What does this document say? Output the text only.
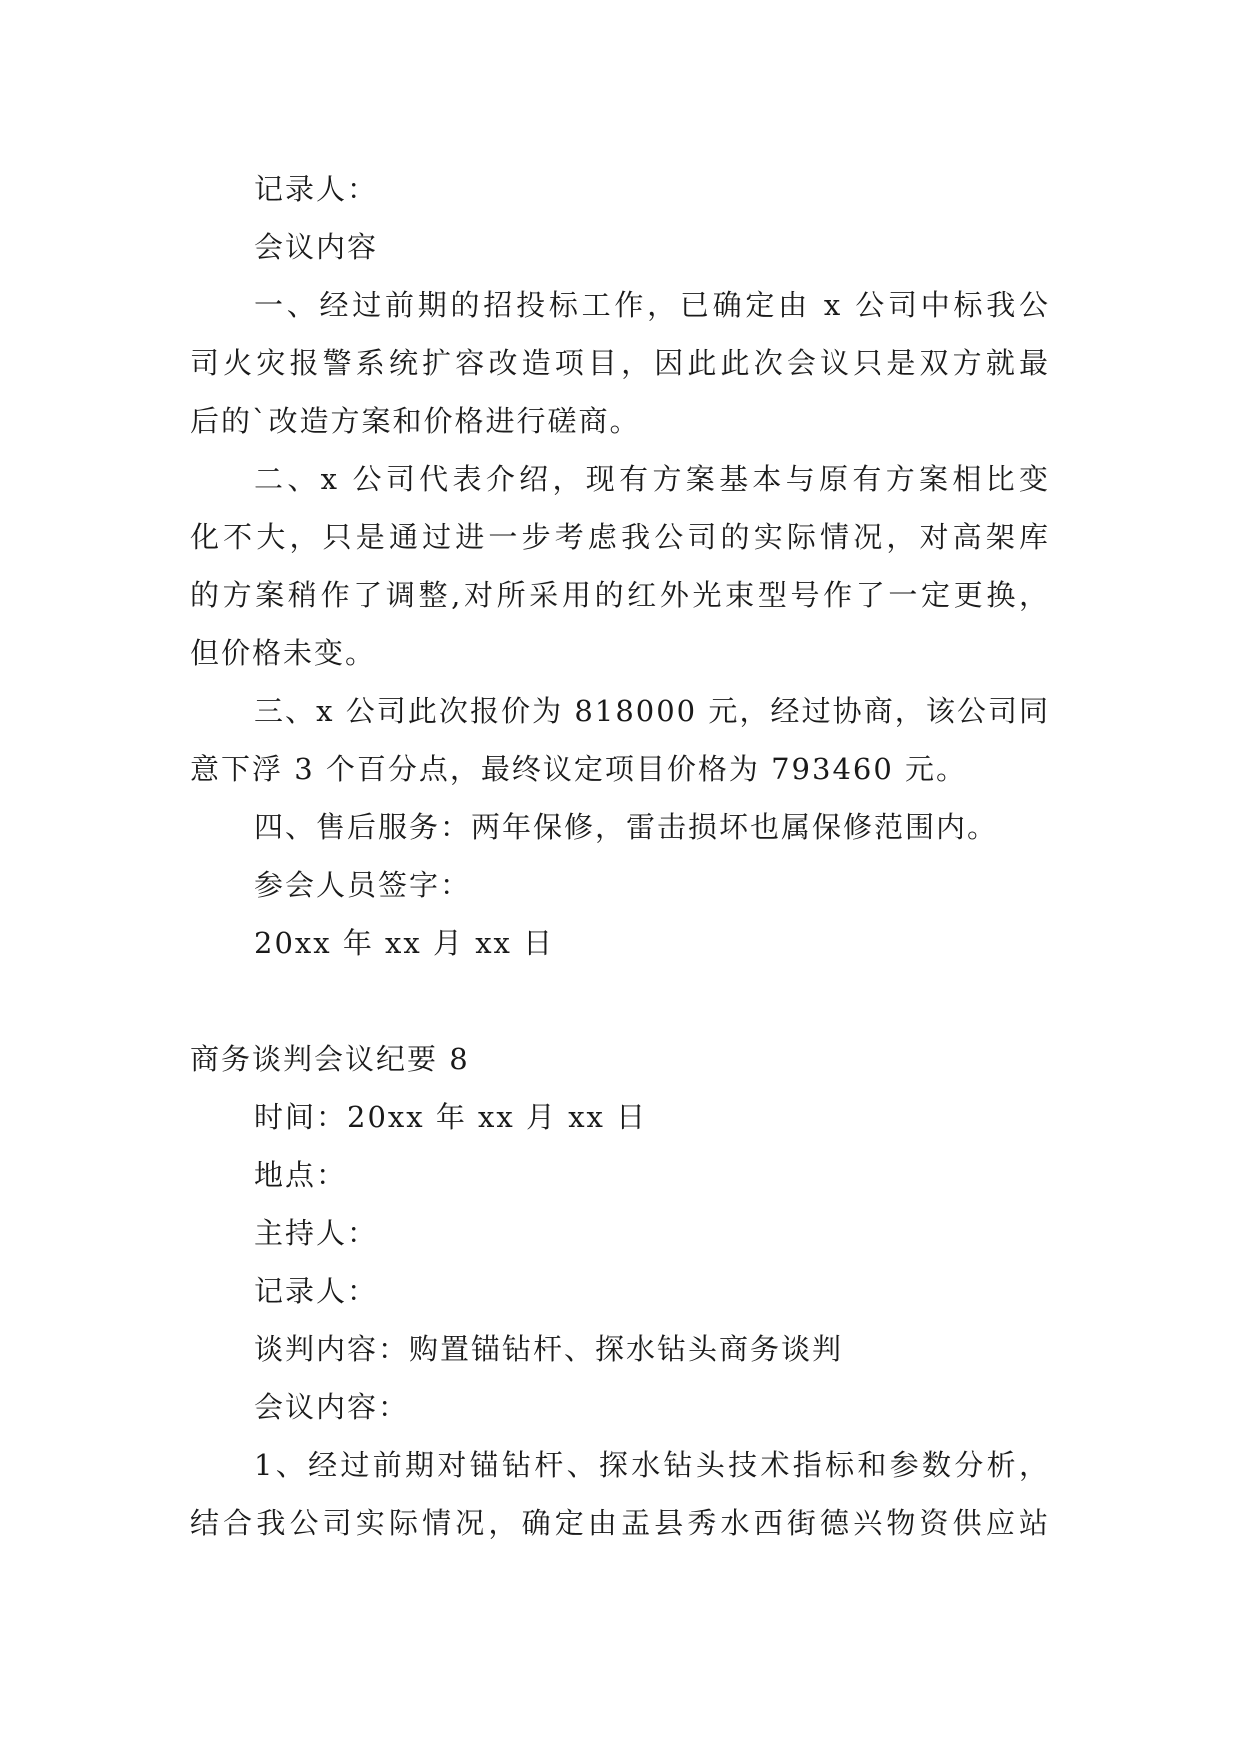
记录人：
会议内容
一、经过前期的招投标工作，已确定由 x 公司中标我公
司火灾报警系统扩容改造项目，因此此次会议只是双方就最
后的`改造方案和价格进行磋商。
二、x 公司代表介绍，现有方案基本与原有方案相比变
化不大，只是通过进一步考虑我公司的实际情况，对高架库
的方案稍作了调整,对所采用的红外光束型号作了一定更换，
但价格未变。
三、x 公司此次报价为 818000 元，经过协商，该公司同
意下浮 3 个百分点，最终议定项目价格为 793460 元。
四、售后服务：两年保修，雷击损坏也属保修范围内。
参会人员签字：
20xx 年 xx 月 xx 日
商务谈判会议纪要 8
时间：20xx 年 xx 月 xx 日
地点：
主持人：
记录人：
谈判内容：购置锚钻杆、探水钻头商务谈判
会议内容：
1、经过前期对锚钻杆、探水钻头技术指标和参数分析，
结合我公司实际情况，确定由盂县秀水西街德兴物资供应站
